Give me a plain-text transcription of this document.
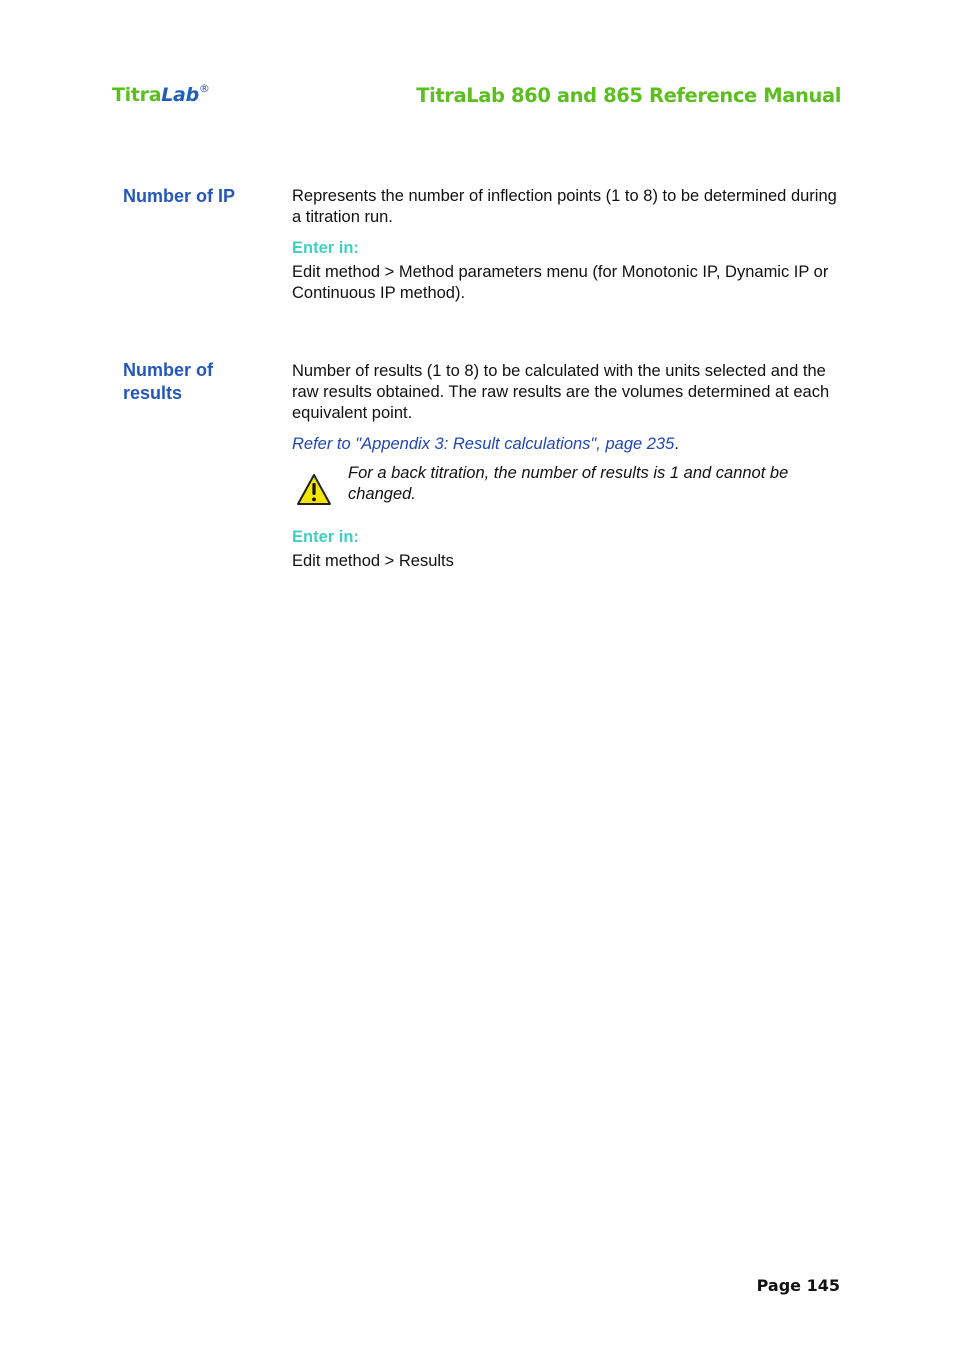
TitraLab®	TitraLab 860 and 865 Reference Manual
Number of IP	Represents the number of inflection points (1 to 8) to be determined during a titration run.

Enter in:

Edit method > Method parameters menu (for Monotonic IP, Dynamic IP or Continuous IP method).

Number of results

Number of results (1 to 8) to be calculated with the units selected and the raw results obtained. The raw results are the volumes determined at each equivalent point.

Refer to "Appendix 3: Result calculations", page 235.

For a back titration, the number of results is 1 and cannot be changed.

Enter in:

Edit method > Results

Page 145
